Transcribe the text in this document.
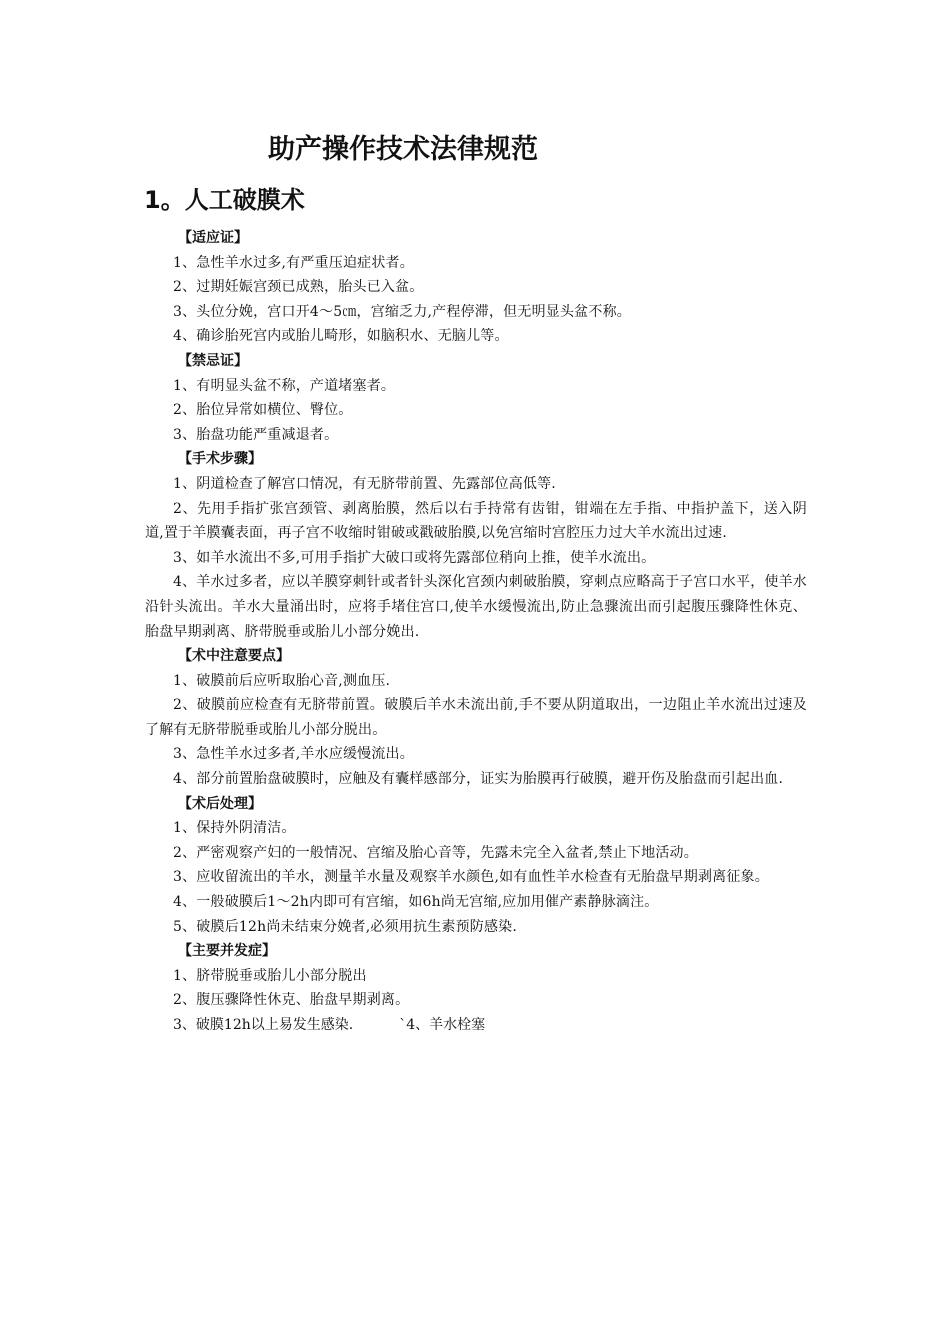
助产操作技术法律规范
1。人工破膜术

【适应证】

1、急性羊水过多,有严重压迫症状者。

2、过期妊娠宫颈已成熟，胎头已入盆。

3、头位分娩，宫口开4～5㎝，宫缩乏力,产程停滞，但无明显头盆不称。

4、确诊胎死宫内或胎儿畸形，如脑积水、无脑儿等。

【禁忌证】

1、有明显头盆不称，产道堵塞者。

2、胎位异常如横位、臀位。

3、胎盘功能严重减退者。

【手术步骤】

1、阴道检查了解宫口情况，有无脐带前置、先露部位高低等.

2、先用手指扩张宫颈管、剥离胎膜，然后以右手持常有齿钳，钳端在左手指、中指护盖下，送入阴道,置于羊膜囊表面，再子宫不收缩时钳破或戳破胎膜,以免宫缩时宫腔压力过大羊水流出过速.

3、如羊水流出不多,可用手指扩大破口或将先露部位稍向上推，使羊水流出。

4、羊水过多者，应以羊膜穿刺针或者针头深化宫颈内刺破胎膜，穿刺点应略高于子宫口水平，使羊水沿针头流出。羊水大量涌出时，应将手堵住宫口,使羊水缓慢流出,防止急骤流出而引起腹压骤降性休克、胎盘早期剥离、脐带脱垂或胎儿小部分娩出.

【术中注意要点】

1、破膜前后应听取胎心音,测血压.

2、破膜前应检查有无脐带前置。破膜后羊水未流出前,手不要从阴道取出，一边阻止羊水流出过速及了解有无脐带脱垂或胎儿小部分脱出。

3、急性羊水过多者,羊水应缓慢流出。

4、部分前置胎盘破膜时，应触及有囊样感部分，证实为胎膜再行破膜，避开伤及胎盘而引起出血.

【术后处理】

1、保持外阴清洁。

2、严密观察产妇的一般情况、宫缩及胎心音等，先露未完全入盆者,禁止下地活动。

3、应收留流出的羊水，测量羊水量及观察羊水颜色,如有血性羊水检查有无胎盘早期剥离征象。

4、一般破膜后1～2h内即可有宫缩，如6h尚无宫缩,应加用催产素静脉滴注。

5、破膜后12h尚未结束分娩者,必须用抗生素预防感染.

【主要并发症】

1、脐带脱垂或胎儿小部分脱出

2、腹压骤降性休克、胎盘早期剥离。

3、破膜12h以上易发生感染.	`4、羊水栓塞
